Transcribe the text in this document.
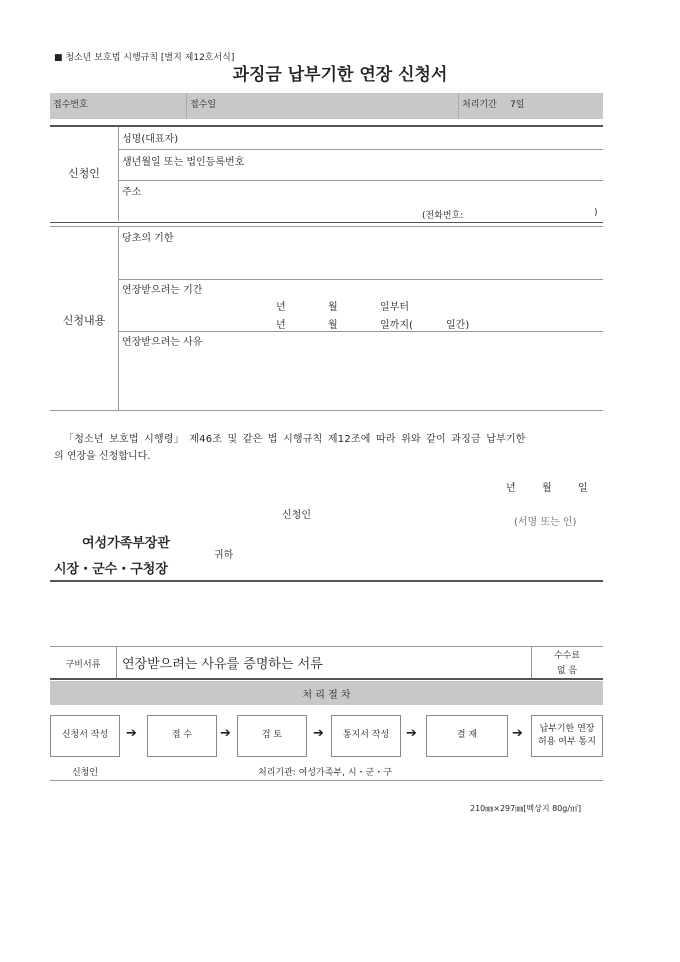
■ 청소년 보호법 시행규칙 [별지 제12호서식]
과징금 납부기한 연장 신청서
접수번호	접수일	처리기간 7일
신청인
성명(대표자)
생년월일 또는 법인등록번호
주소
(전화번호:	)
신청내용
당초의 기한
연장받으려는 기간
년	월	일부터
년	월	일까지(	일간)
연장받으려는 사유
「청소년 보호법 시행령」 제46조 및 같은 법 시행규칙 제12조에 따라 위와 같이 과징금 납부기한
의 연장을 신청합니다.
년	월	일
신청인
(서명 또는 인)
여성가족부장관
귀하
시장・군수・구청장
구비서류	연장받으려는 사유를 증명하는 서류
수수료
없 음
처 리 절 차
신청서 작성 ➔	접 수 ➔	검 토 ➔ 통지서 작성 ➔	결 재	➔ 납부기한 연장
허용 여부 통지
신청인	처리기관: 여성가족부, 시・군・구
210㎜×297㎜[백상지 80g/㎡]
